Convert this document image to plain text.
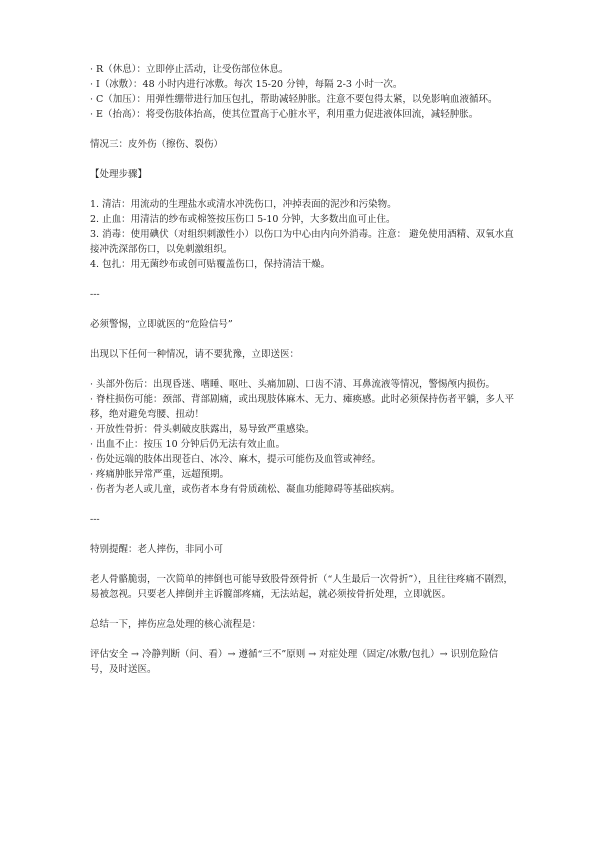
· R（休息）：立即停止活动，让受伤部位休息。

· I（冰敷）：48 小时内进行冰敷。每次 15-20 分钟，每隔 2-3 小时一次。

· C（加压）：用弹性绷带进行加压包扎，帮助减轻肿胀。注意不要包得太紧，以免影响血液循环。

· E（抬高）：将受伤肢体抬高，使其位置高于心脏水平，利用重力促进液体回流，减轻肿胀。

情况三：皮外伤（擦伤、裂伤）

【处理步骤】

1. 清洁：用流动的生理盐水或清水冲洗伤口，冲掉表面的泥沙和污染物。

2. 止血：用清洁的纱布或棉签按压伤口 5-10 分钟，大多数出血可止住。

3. 消毒：使用碘伏（对组织刺激性小）以伤口为中心由内向外消毒。注意： 避免使用酒精、双氧水直接冲洗深部伤口，以免刺激组织。

4. 包扎：用无菌纱布或创可贴覆盖伤口，保持清洁干燥。

---

必须警惕，立即就医的“危险信号”

出现以下任何一种情况，请不要犹豫，立即送医：

· 头部外伤后：出现昏迷、嗜睡、呕吐、头痛加剧、口齿不清、耳鼻流液等情况，警惕颅内损伤。

· 脊柱损伤可能：颈部、背部剧痛，或出现肢体麻木、无力、瘫痪感。此时必须保持伤者平躺，多人平移，绝对避免弯腰、扭动！

· 开放性骨折：骨头刺破皮肤露出，易导致严重感染。

· 出血不止：按压 10 分钟后仍无法有效止血。

· 伤处远端的肢体出现苍白、冰冷、麻木，提示可能伤及血管或神经。

· 疼痛肿胀异常严重，远超预期。

· 伤者为老人或儿童，或伤者本身有骨质疏松、凝血功能障碍等基础疾病。

---

特别提醒：老人摔伤，非同小可

老人骨骼脆弱，一次简单的摔倒也可能导致股骨颈骨折（“人生最后一次骨折”），且往往疼痛不剧烈，易被忽视。只要老人摔倒并主诉髋部疼痛，无法站起，就必须按骨折处理，立即就医。

总结一下，摔伤应急处理的核心流程是：

评估安全 → 冷静判断（问、看）→ 遵循“三不”原则 → 对症处理（固定/冰敷/包扎）→ 识别危险信号，及时送医。
